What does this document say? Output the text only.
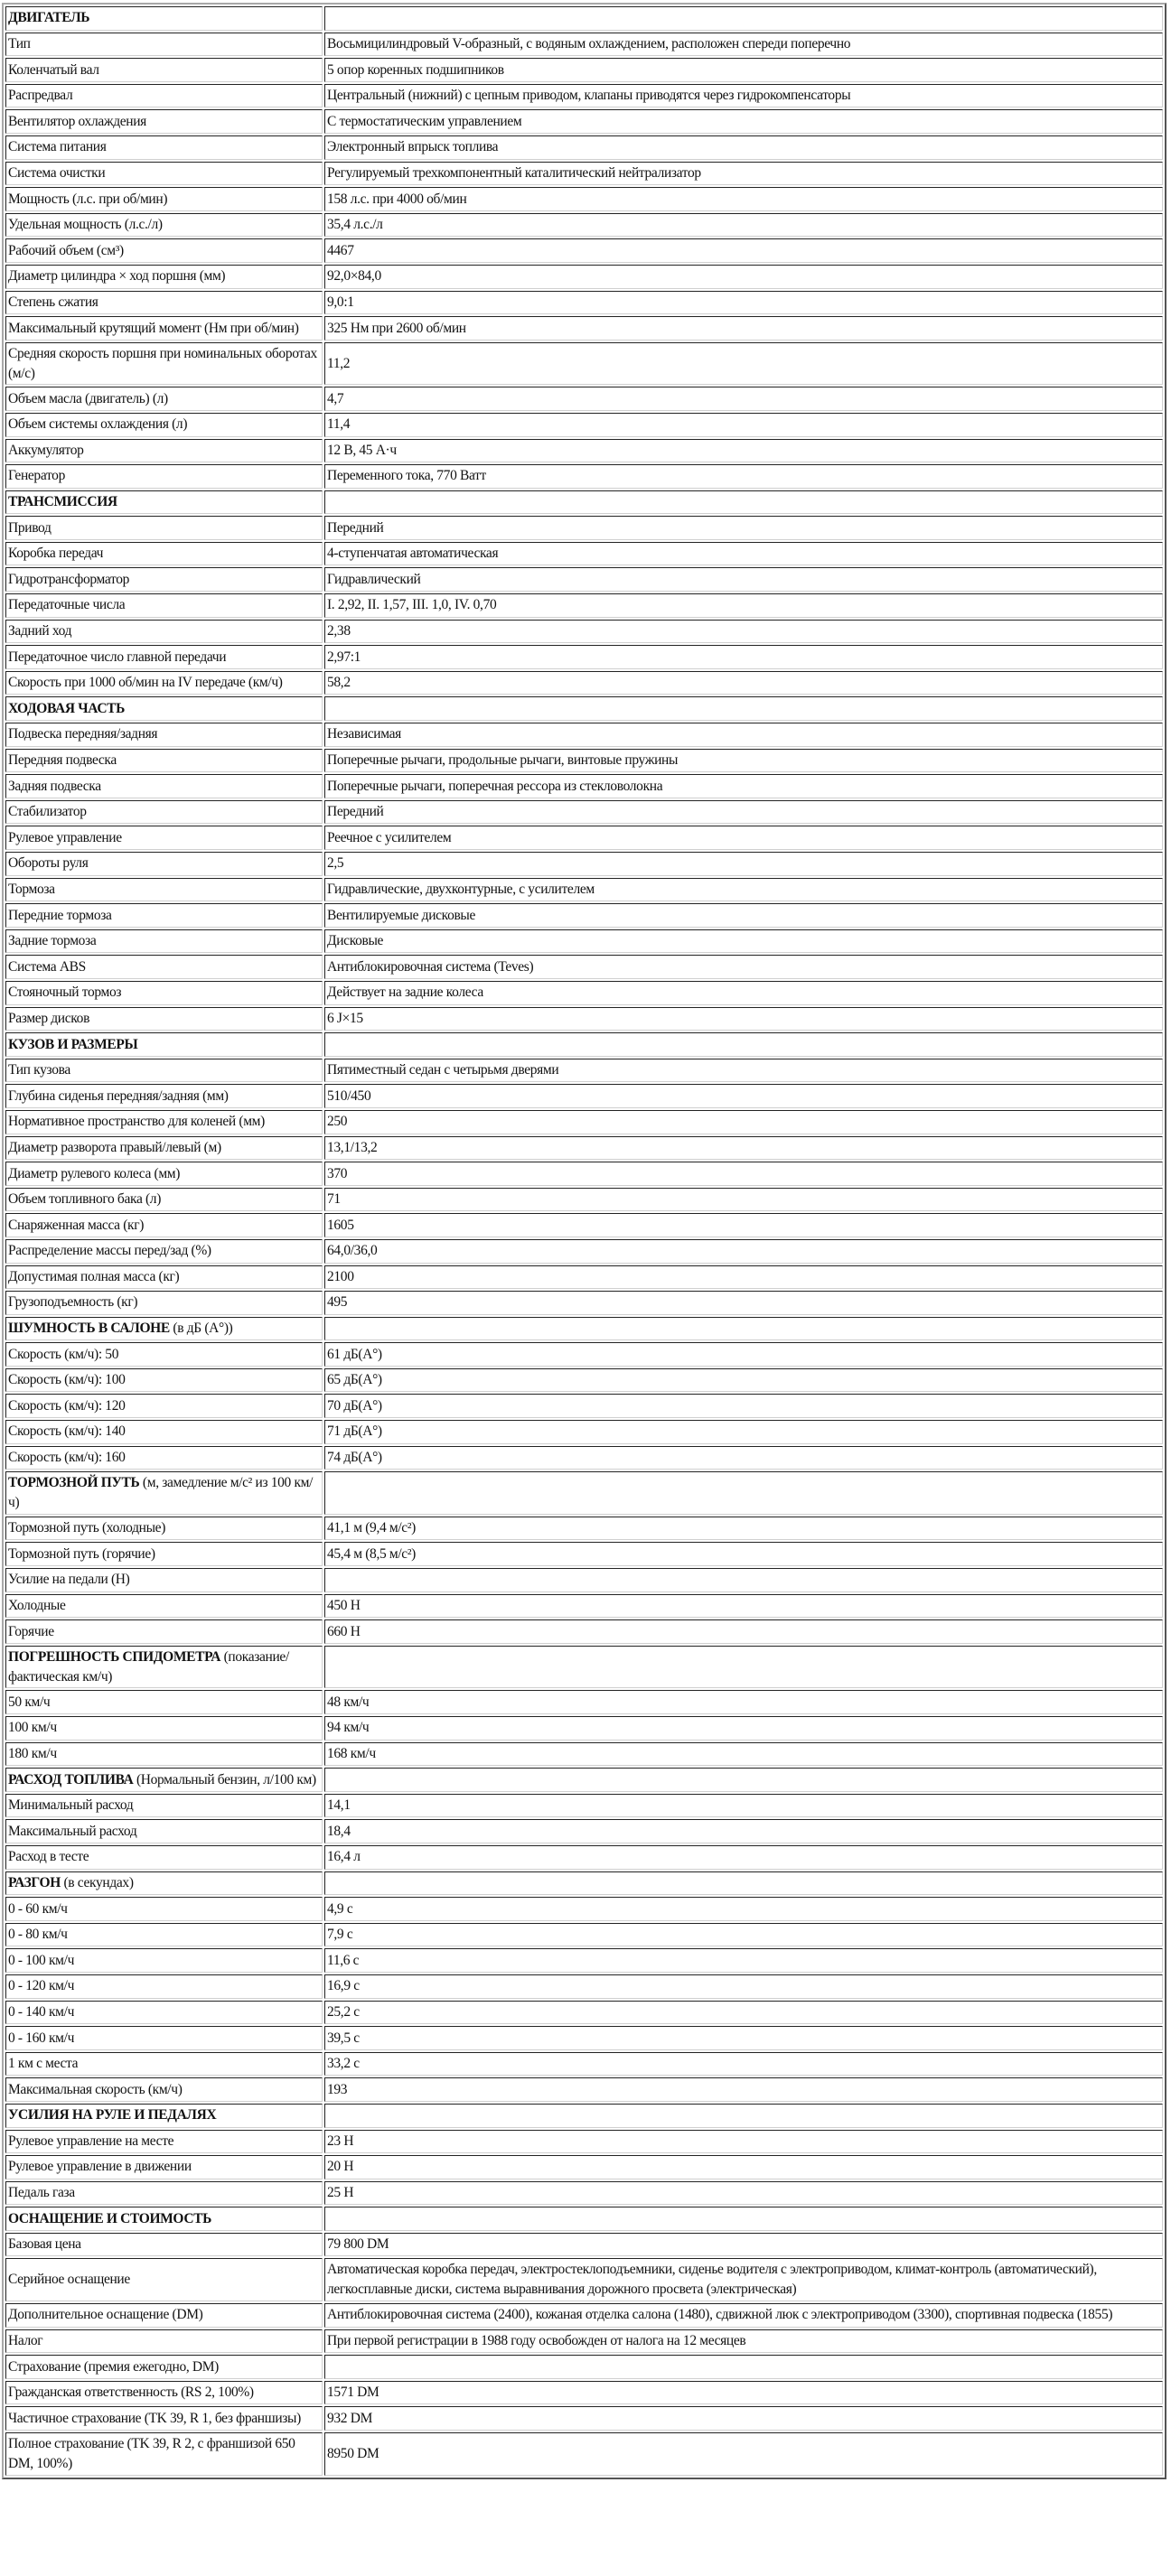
ДВИГАТЕЛЬ	
Тип	Восьмицилиндровый V-образный, с водяным охлаждением, расположен спереди поперечно
Коленчатый вал	5 опор коренных подшипников
Распредвал	Центральный (нижний) с цепным приводом, клапаны приводятся через гидрокомпенсаторы
Вентилятор охлаждения	С термостатическим управлением
Система питания	Электронный впрыск топлива
Система очистки	Регулируемый трехкомпонентный каталитический нейтрализатор
Мощность (л.с. при об/мин)	158 л.с. при 4000 об/мин
Удельная мощность (л.с./л)	35,4 л.с./л
Рабочий объем (см³)	4467
Диаметр цилиндра × ход поршня (мм)	92,0×84,0
Степень сжатия	9,0:1
Максимальный крутящий момент (Нм при об/мин)	325 Нм при 2600 об/мин
Средняя скорость поршня при номинальных оборотах (м/с)	11,2
Объем масла (двигатель) (л)	4,7
Объем системы охлаждения (л)	11,4
Аккумулятор	12 В, 45 А·ч
Генератор	Переменного тока, 770 Ватт
ТРАНСМИССИЯ	
Привод	Передний
Коробка передач	4-ступенчатая автоматическая
Гидротрансформатор	Гидравлический
Передаточные числа	I. 2,92, II. 1,57, III. 1,0, IV. 0,70
Задний ход	2,38
Передаточное число главной передачи	2,97:1
Скорость при 1000 об/мин на IV передаче (км/ч)	58,2
ХОДОВАЯ ЧАСТЬ	
Подвеска передняя/задняя	Независимая
Передняя подвеска	Поперечные рычаги, продольные рычаги, винтовые пружины
Задняя подвеска	Поперечные рычаги, поперечная рессора из стекловолокна
Стабилизатор	Передний
Рулевое управление	Реечное с усилителем
Обороты руля	2,5
Тормоза	Гидравлические, двухконтурные, с усилителем
Передние тормоза	Вентилируемые дисковые
Задние тормоза	Дисковые
Система ABS	Антиблокировочная система (Teves)
Стояночный тормоз	Действует на задние колеса
Размер дисков	6 J×15
КУЗОВ И РАЗМЕРЫ	
Тип кузова	Пятиместный седан с четырьмя дверями
Глубина сиденья передняя/задняя (мм)	510/450
Нормативное пространство для коленей (мм)	250
Диаметр разворота правый/левый (м)	13,1/13,2
Диаметр рулевого колеса (мм)	370
Объем топливного бака (л)	71
Снаряженная масса (кг)	1605
Распределение массы перед/зад (%)	64,0/36,0
Допустимая полная масса (кг)	2100
Грузоподъемность (кг)	495
ШУМНОСТЬ В САЛОНЕ (в дБ (A°))	
Скорость (км/ч): 50	61 дБ(A°)
Скорость (км/ч): 100	65 дБ(A°)
Скорость (км/ч): 120	70 дБ(A°)
Скорость (км/ч): 140	71 дБ(A°)
Скорость (км/ч): 160	74 дБ(A°)
ТОРМОЗНОЙ ПУТЬ (м, замедление м/с² из 100 км/ч)	
Тормозной путь (холодные)	41,1 м (9,4 м/с²)
Тормозной путь (горячие)	45,4 м (8,5 м/с²)
Усилие на педали (Н)	
Холодные	450 Н
Горячие	660 Н
ПОГРЕШНОСТЬ СПИДОМЕТРА (показание/фактическая км/ч)	
50 км/ч	48 км/ч
100 км/ч	94 км/ч
180 км/ч	168 км/ч
РАСХОД ТОПЛИВА (Нормальный бензин, л/100 км)	
Минимальный расход	14,1
Максимальный расход	18,4
Расход в тесте	16,4 л
РАЗГОН (в секундах)	
0 - 60 км/ч	4,9 с
0 - 80 км/ч	7,9 с
0 - 100 км/ч	11,6 с
0 - 120 км/ч	16,9 с
0 - 140 км/ч	25,2 с
0 - 160 км/ч	39,5 с
1 км с места	33,2 с
Максимальная скорость (км/ч)	193
УСИЛИЯ НА РУЛЕ И ПЕДАЛЯХ	
Рулевое управление на месте	23 Н
Рулевое управление в движении	20 Н
Педаль газа	25 Н
ОСНАЩЕНИЕ И СТОИМОСТЬ	
Базовая цена	79 800 DM
Серийное оснащение	Автоматическая коробка передач, электростеклоподъемники, сиденье водителя с электроприводом, климат-контроль (автоматический), легкосплавные диски, система выравнивания дорожного просвета (электрическая)
Дополнительное оснащение (DM)	Антиблокировочная система (2400), кожаная отделка салона (1480), сдвижной люк с электроприводом (3300), спортивная подвеска (1855)
Налог	При первой регистрации в 1988 году освобожден от налога на 12 месяцев
Страхование (премия ежегодно, DM)	
Гражданская ответственность (RS 2, 100%)	1571 DM
Частичное страхование (TK 39, R 1, без франшизы)	932 DM
Полное страхование (TK 39, R 2, с франшизой 650 DM, 100%)	8950 DM
